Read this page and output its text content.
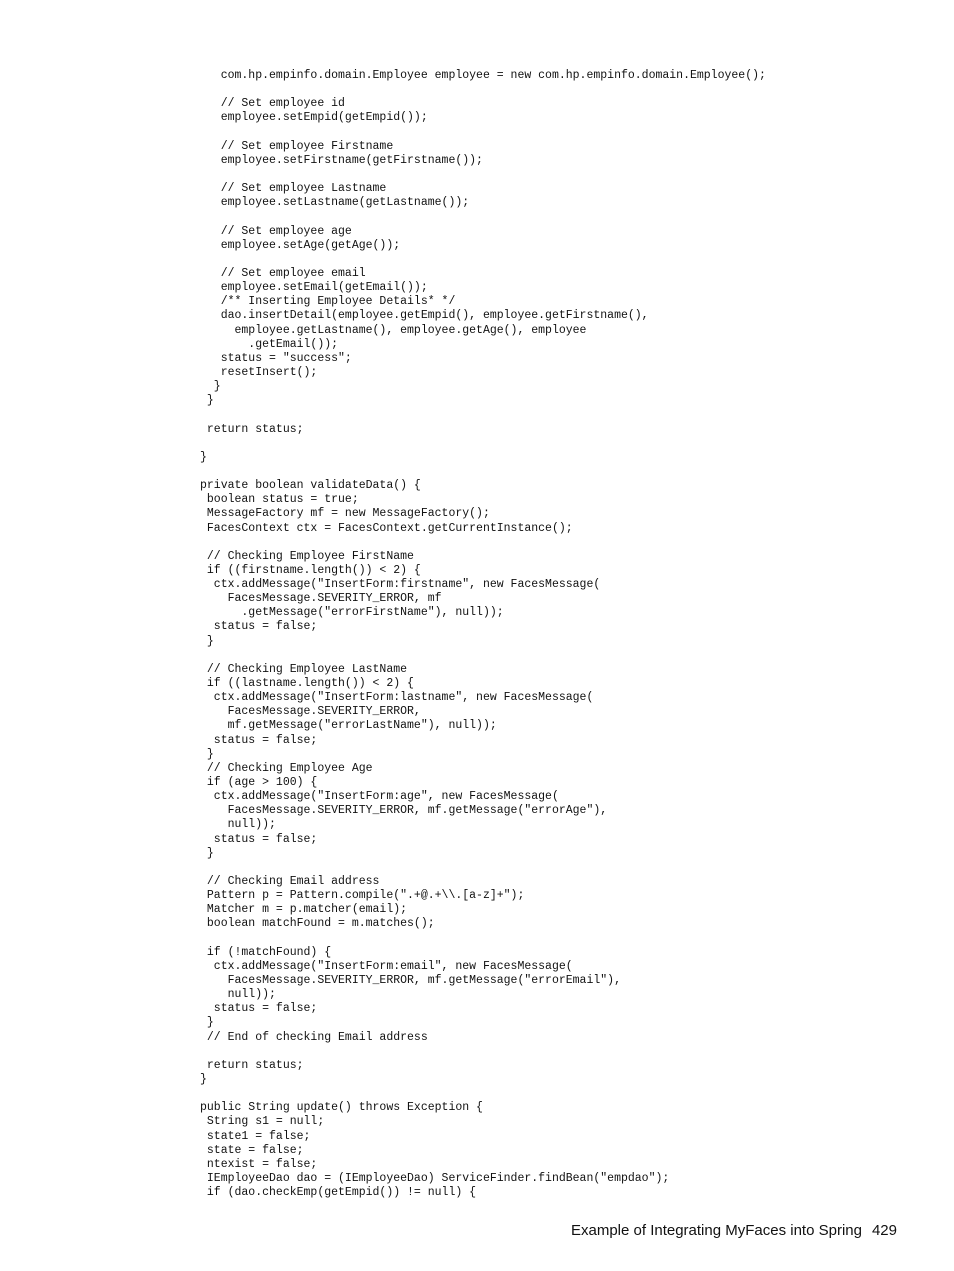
com.hp.empinfo.domain.Employee employee = new com.hp.empinfo.domain.Employee();
// Set employee id
employee.setEmpid(getEmpid());
// Set employee Firstname
employee.setFirstname(getFirstname());
// Set employee Lastname
employee.setLastname(getLastname());
// Set employee age
employee.setAge(getAge());
// Set employee email
employee.setEmail(getEmail());
/** Inserting Employee Details* */
dao.insertDetail(employee.getEmpid(), employee.getFirstname(),
employee.getLastname(), employee.getAge(), employee
.getEmail());
status = "success";
resetInsert();
}
}
return status;
}
private boolean validateData() {
boolean status = true;
MessageFactory mf = new MessageFactory();
FacesContext ctx = FacesContext.getCurrentInstance();
// Checking Employee FirstName
if ((firstname.length()) < 2) {
ctx.addMessage("InsertForm:firstname", new FacesMessage(
FacesMessage.SEVERITY_ERROR, mf
.getMessage("errorFirstName"), null));
status = false;
}
// Checking Employee LastName
if ((lastname.length()) < 2) {
ctx.addMessage("InsertForm:lastname", new FacesMessage(
FacesMessage.SEVERITY_ERROR,
mf.getMessage("errorLastName"), null));
status = false;
}
// Checking Employee Age
if (age > 100) {
ctx.addMessage("InsertForm:age", new FacesMessage(
FacesMessage.SEVERITY_ERROR, mf.getMessage("errorAge"),
null));
status = false;
}
// Checking Email address
Pattern p = Pattern.compile(".+@.+\\.[a-z]+");
Matcher m = p.matcher(email);
boolean matchFound = m.matches();
if (!matchFound) {
ctx.addMessage("InsertForm:email", new FacesMessage(
FacesMessage.SEVERITY_ERROR, mf.getMessage("errorEmail"),
null));
status = false;
}
// End of checking Email address
return status;
}
public String update() throws Exception {
String s1 = null;
state1 = false;
state = false;
ntexist = false;
IEmployeeDao dao = (IEmployeeDao) ServiceFinder.findBean("empdao");
if (dao.checkEmp(getEmpid()) != null) {
Example of Integrating MyFaces into Spring 429
